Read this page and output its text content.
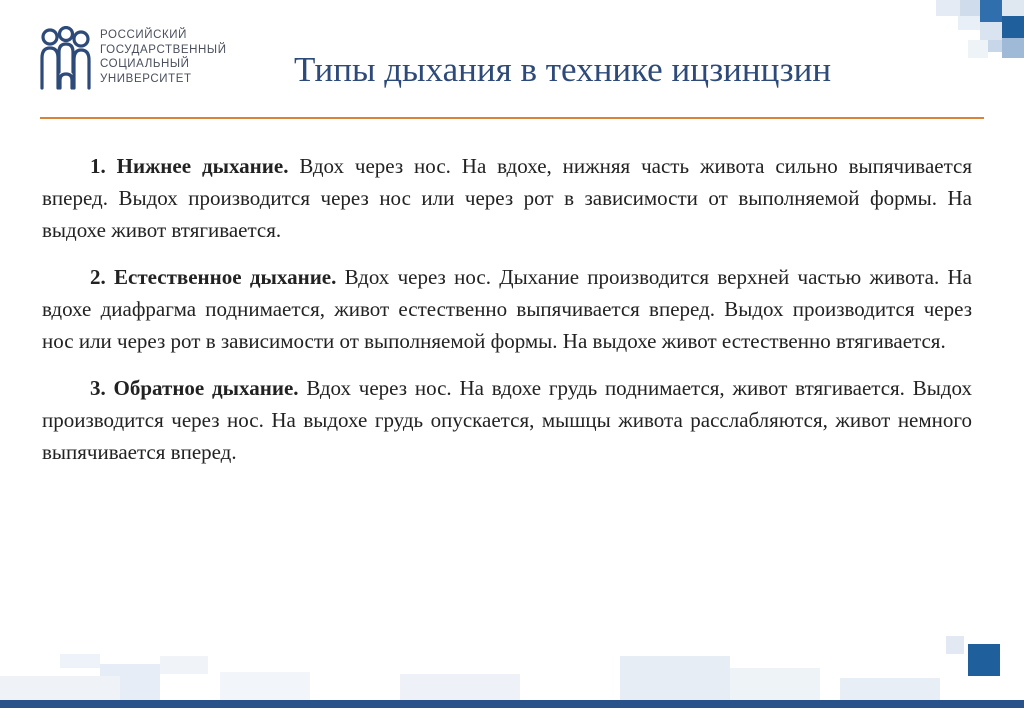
РОССИЙСКИЙ
ГОСУДАРСТВЕННЫЙ
СОЦИАЛЬНЫЙ
УНИВЕРСИТЕТ	Типы дыхания в технике ицзинцзин

1. Нижнее дыхание. Вдох через нос. На вдохе, нижняя часть живота сильно выпячивается вперед. Выдох производится через нос или через рот в зависимости от выполняемой формы. На выдохе живот втягивается.

2. Естественное дыхание. Вдох через нос. Дыхание производится верхней частью живота. На вдохе диафрагма поднимается, живот естественно выпячивается вперед. Выдох производится через нос или через рот в зависимости от выполняемой формы. На выдохе живот естественно втягивается.

3. Обратное дыхание. Вдох через нос. На вдохе грудь поднимается, живот втягивается. Выдох производится через нос. На выдохе грудь опускается, мышцы живота расслабляются, живот немного выпячивается вперед.
